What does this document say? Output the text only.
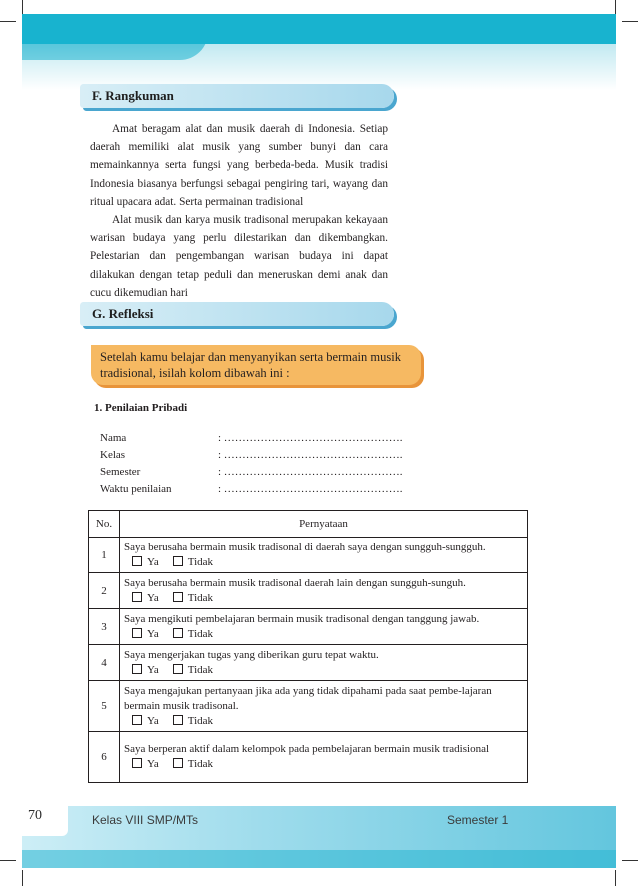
F. Rangkuman

Amat beragam alat dan musik daerah di Indonesia. Setiap daerah memiliki alat musik yang sumber bunyi dan cara memainkannya serta fungsi yang berbeda-beda. Musik tradisi Indonesia biasanya berfungsi sebagai pengiring tari, wayang dan ritual upacara adat. Serta permainan tradisional

Alat musik dan karya musik tradisonal merupakan kekayaan warisan budaya yang perlu dilestarikan dan dikembangkan. Pelestarian dan pengembangan warisan budaya ini dapat dilakukan dengan tetap peduli dan meneruskan demi anak dan cucu dikemudian hari

G. Refleksi
Setelah kamu belajar dan menyanyikan serta bermain musik tradisional, isilah kolom dibawah ini :
1. Penilaian Pribadi
Nama	: ………………………………………….
Kelas	: ………………………………………….
Semester	: ………………………………………….
Waktu penilaian	: ………………………………………….
No.	Pernyataan
1	Saya berusaha bermain musik tradisonal di daerah saya dengan sungguh-sungguh.
Ya Tidak

2	Saya berusaha bermain musik tradisonal daerah lain dengan sungguh-sunguh.
Ya Tidak

3	Saya mengikuti pembelajaran bermain musik tradisonal dengan tanggung jawab.
Ya Tidak

4	Saya mengerjakan tugas yang diberikan guru tepat waktu.
Ya Tidak

5	Saya mengajukan pertanyaan jika ada yang tidak dipahami pada saat pembe-lajaran bermain musik tradisonal.
Ya Tidak

6	Saya berperan aktif dalam kelompok pada pembelajaran bermain musik tradisional
Ya Tidak
70	Kelas VIII SMP/MTs	Semester 1
